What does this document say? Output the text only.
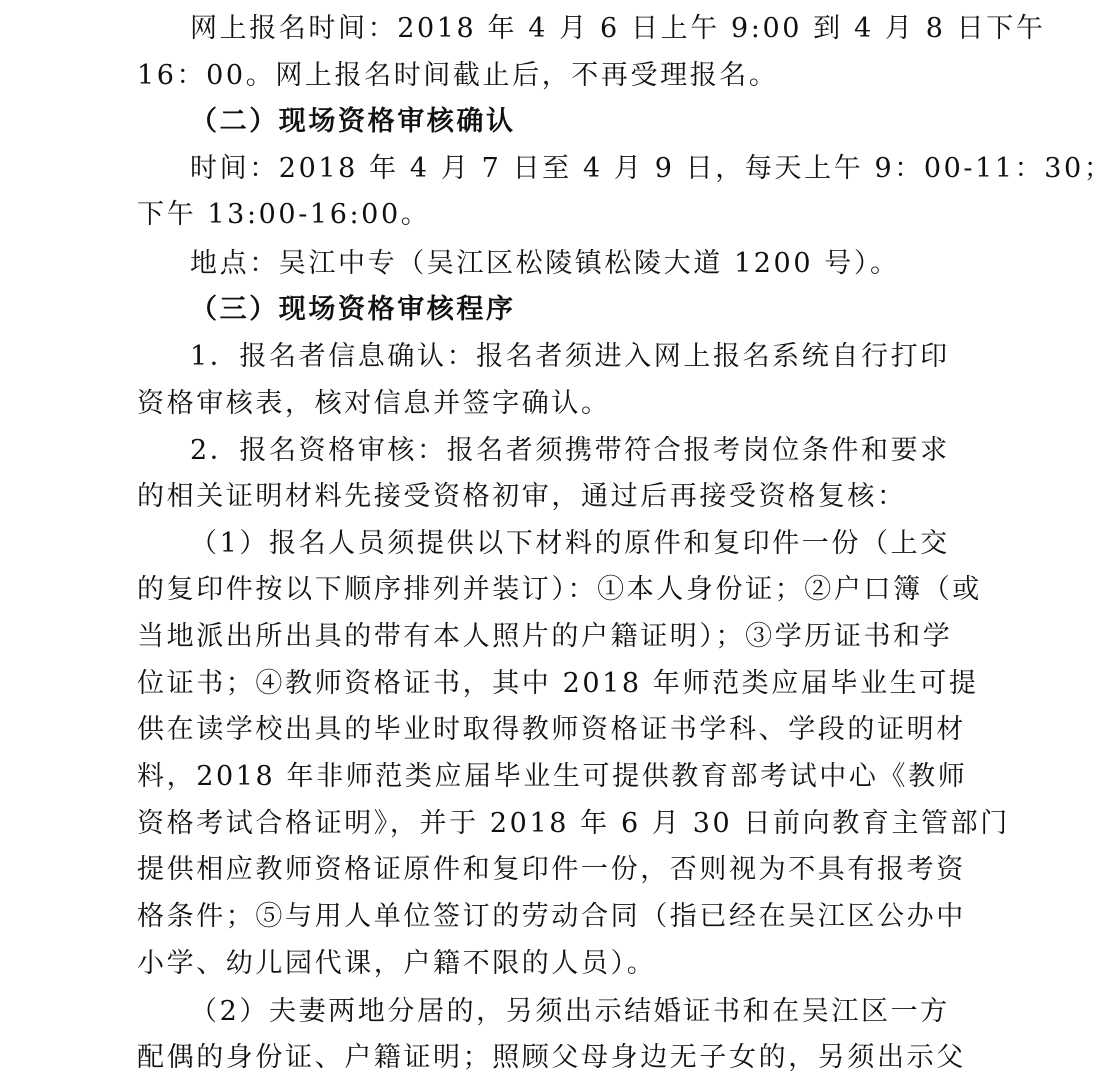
网上报名时间：2018 年 4 月 6 日上午 9:00 到 4 月 8 日下午
16：00。网上报名时间截止后，不再受理报名。
（二）现场资格审核确认
时间：2018 年 4 月 7 日至 4 月 9 日，每天上午 9：00-11：30；
下午 13:00-16:00。
地点：吴江中专（吴江区松陵镇松陵大道 1200 号）。
（三）现场资格审核程序
1．报名者信息确认：报名者须进入网上报名系统自行打印
资格审核表，核对信息并签字确认。
2．报名资格审核：报名者须携带符合报考岗位条件和要求
的相关证明材料先接受资格初审，通过后再接受资格复核：
（1）报名人员须提供以下材料的原件和复印件一份（上交
的复印件按以下顺序排列并装订）：①本人身份证；②户口簿（或
当地派出所出具的带有本人照片的户籍证明）；③学历证书和学
位证书；④教师资格证书，其中 2018 年师范类应届毕业生可提
供在读学校出具的毕业时取得教师资格证书学科、学段的证明材
料，2018 年非师范类应届毕业生可提供教育部考试中心《教师
资格考试合格证明》，并于 2018 年 6 月 30 日前向教育主管部门
提供相应教师资格证原件和复印件一份，否则视为不具有报考资
格条件；⑤与用人单位签订的劳动合同（指已经在吴江区公办中
小学、幼儿园代课，户籍不限的人员）。
（2）夫妻两地分居的，另须出示结婚证书和在吴江区一方
配偶的身份证、户籍证明；照顾父母身边无子女的，另须出示父
